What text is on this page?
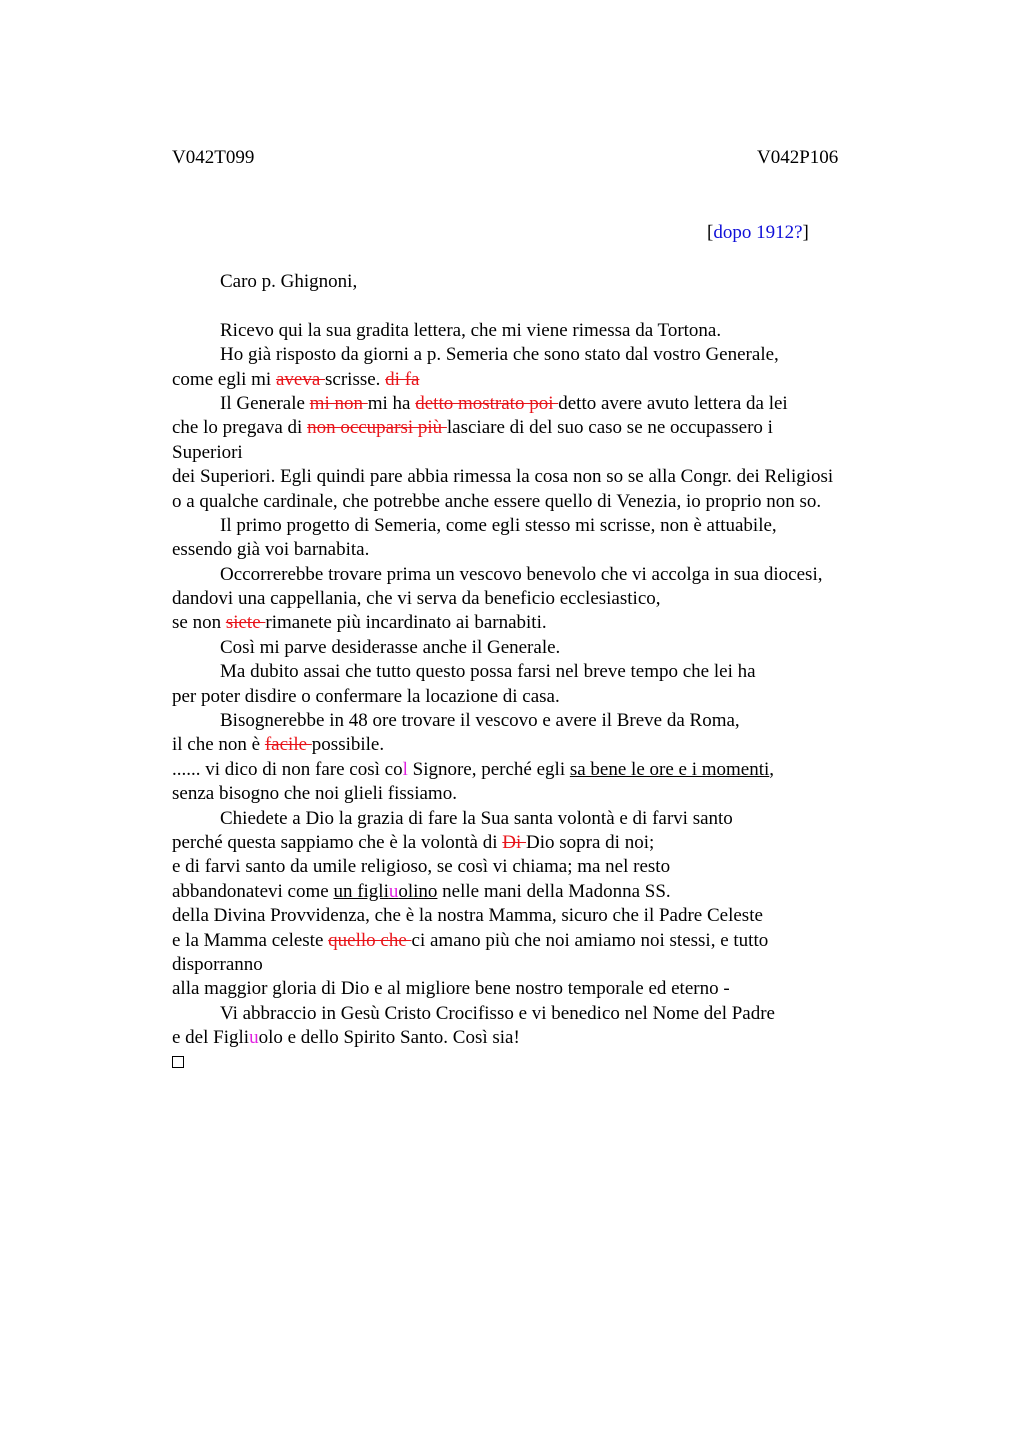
V042T099	V042P106
[dopo 1912?]
Caro p. Ghignoni,
Ricevo qui la sua gradita lettera, che mi viene rimessa da Tortona.
Ho già risposto da giorni a p. Semeria che sono stato dal vostro Generale,
come egli mi aveva scrisse. di fa
Il Generale mi non mi ha detto mostrato poi detto avere avuto lettera da lei
che lo pregava di non occuparsi più lasciare di del suo caso se ne occupassero i
Superiori
dei Superiori. Egli quindi pare abbia rimessa la cosa non so se alla Congr. dei Religiosi
o a qualche cardinale, che potrebbe anche essere quello di Venezia, io proprio non so.
Il primo progetto di Semeria, come egli stesso mi scrisse, non è attuabile,
essendo già voi barnabita.
Occorrerebbe trovare prima un vescovo benevolo che vi accolga in sua diocesi,
dandovi una cappellania, che vi serva da beneficio ecclesiastico,
se non siete rimanete più incardinato ai barnabiti.
Così mi parve desiderasse anche il Generale.
Ma dubito assai che tutto questo possa farsi nel breve tempo che lei ha
per poter disdire o confermare la locazione di casa.
Bisognerebbe in 48 ore trovare il vescovo e avere il Breve da Roma,
il che non è facile possibile.
...... vi dico di non fare così col Signore, perché egli sa bene le ore e i momenti,
senza bisogno che noi glieli fissiamo.
Chiedete a Dio la grazia di fare la Sua santa volontà e di farvi santo
perché questa sappiamo che è la volontà di Di Dio sopra di noi;
e di farvi santo da umile religioso, se così vi chiama; ma nel resto
abbandonatevi come un figliuolino nelle mani della Madonna SS.
della Divina Provvidenza, che è la nostra Mamma, sicuro che il Padre Celeste
e la Mamma celeste quello che ci amano più che noi amiamo noi stessi, e tutto
disporranno
alla maggior gloria di Dio e al migliore bene nostro temporale ed eterno -
Vi abbraccio in Gesù Cristo Crocifisso e vi benedico nel Nome del Padre
e del Figliuolo e dello Spirito Santo. Così sia!
